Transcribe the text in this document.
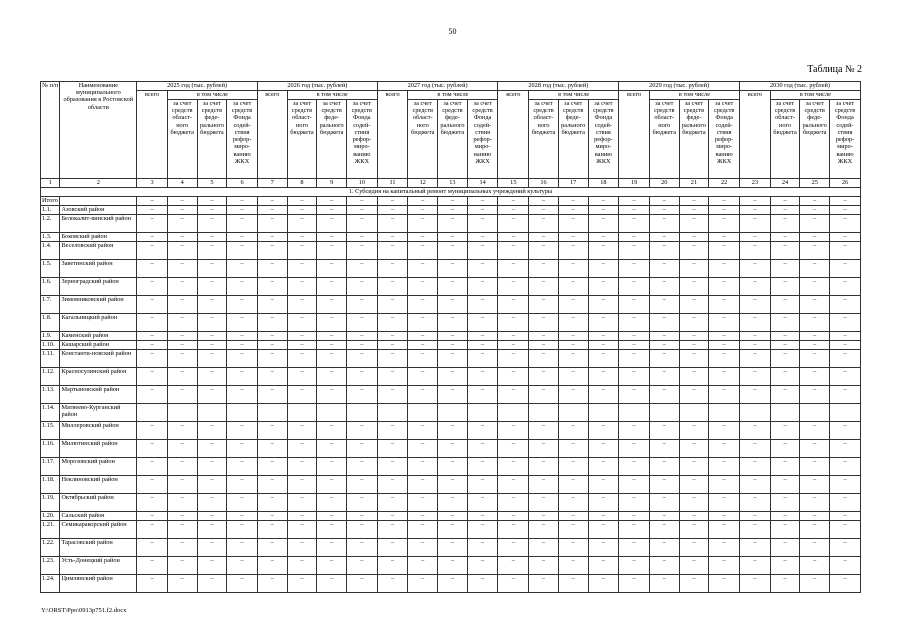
50
Таблица № 2
№ п/п	Наименование муниципального образования в Ростовской области	2025 год (тыс. рублей)				2026 год (тыс. рублей)				2027 год (тыс. рублей)				2028 год (тыс. рублей)				2029 год (тыс. рублей)				2030 год (тыс. рублей)			
		всего	в том числе			всего	в том числе			всего	в том числе			всего	в том числе			всего	в том числе			всего	в том числе		
			за счет средств област-ного бюджета	за счет средств феде-рального бюджета	за счет средств Фонда содей-ствия рефор-миро-ванию ЖКХ		за счет средств област-ного бюджета	за счет средств феде-рального бюджета	за счет средств Фонда содей-ствия рефор-миро-ванию ЖКХ		за счет средств област-ного бюджета	за счет средств феде-рального бюджета	за счет средств Фонда содей-ствия рефор-миро-ванию ЖКХ		за счет средств област-ного бюджета	за счет средств феде-рального бюджета	за счет средств Фонда содей-ствия рефор-миро-ванию ЖКХ		за счет средств област-ного бюджета	за счет средств феде-рального бюджета	за счет средств Фонда содей-ствия рефор-миро-ванию ЖКХ		за счет средств област-ного бюджета	за счет средств феде-рального бюджета	за счет средств Фонда содей-ствия рефор-миро-ванию ЖКХ
1	2	3	4	5	6	7	8	9	10	11	12	13	14	15	16	17	18	19	20	21	22	23	24	25	26
1. Субсидия на капитальный ремонт муниципальных учреждений культуры																									
Итого		–	–	–	–	–	–	–	–	–	–	–	–	–	–	–	–	–	–	–	–	–	–	–	–
1.1.	Азовский район	–	–	–	–	–	–	–	–	–	–	–	–	–	–	–	–	–	–	–	–	–	–	–	–
1.2.	Белокалит-винский район	–	–	–	–	–	–	–	–	–	–	–	–	–	–	–	–	–	–	–	–	–	–	–	–
1.3.	Боковский район	–	–	–	–	–	–	–	–	–	–	–	–	–	–	–	–	–	–	–	–	–	–	–	–
1.4.	Веселовский район	–	–	–	–	–	–	–	–	–	–	–	–	–	–	–	–	–	–	–	–	–	–	–	–
1.5.	Заветинский район	–	–	–	–	–	–	–	–	–	–	–	–	–	–	–	–	–	–	–	–	–	–	–	–
1.6.	Зерноградский район	–	–	–	–	–	–	–	–	–	–	–	–	–	–	–	–	–	–	–	–	–	–	–	–
1.7.	Зимовниковский район	–	–	–	–	–	–	–	–	–	–	–	–	–	–	–	–	–	–	–	–	–	–	–	–
1.8.	Кагальницкий район	–	–	–	–	–	–	–	–	–	–	–	–	–	–	–	–	–	–	–	–	–	–	–	–
1.9.	Каменский район	–	–	–	–	–	–	–	–	–	–	–	–	–	–	–	–	–	–	–	–	–	–	–	–
1.10.	Кашарский район	–	–	–	–	–	–	–	–	–	–	–	–	–	–	–	–	–	–	–	–	–	–	–	–
1.11.	Константи-новский район	–	–	–	–	–	–	–	–	–	–	–	–	–	–	–	–	–	–	–	–	–	–	–	–
1.12.	Красносулинский район	–	–	–	–	–	–	–	–	–	–	–	–	–	–	–	–	–	–	–	–	–	–	–	–
1.13.	Мартыновский район	–	–	–	–	–	–	–	–	–	–	–	–	–	–	–	–	–	–	–	–	–	–	–	–
1.14.	Матвеево-Курганский район																								
1.15.	Миллеровский район	–	–	–	–	–	–	–	–	–	–	–	–	–	–	–	–	–	–	–	–	–	–	–	–
1.16.	Милютинский район	–	–	–	–	–	–	–	–	–	–	–	–	–	–	–	–	–	–	–	–	–	–	–	–
1.17.	Морозовский район	–	–	–	–	–	–	–	–	–	–	–	–	–	–	–	–	–	–	–	–	–	–	–	–
1.18.	Неклиновский район	–	–	–	–	–	–	–	–	–	–	–	–	–	–	–	–	–	–	–	–	–	–	–	–
1.19.	Октябрьский район	–	–	–	–	–	–	–	–	–	–	–	–	–	–	–	–	–	–	–	–	–	–	–	–
1.20.	Сальский район	–	–	–	–	–	–	–	–	–	–	–	–	–	–	–	–	–	–	–	–	–	–	–	–
1.21.	Семикаракорский район	–	–	–	–	–	–	–	–	–	–	–	–	–	–	–	–	–	–	–	–	–	–	–	–
1.22.	Тарасовский район	–	–	–	–	–	–	–	–	–	–	–	–	–	–	–	–	–	–	–	–	–	–	–	–
1.23.	Усть-Донецкий район	–	–	–	–	–	–	–	–	–	–	–	–	–	–	–	–	–	–	–	–	–	–	–	–
1.24.	Цимлянский район	–	–	–	–	–	–	–	–	–	–	–	–	–	–	–	–	–	–	–	–	–	–	–	–
Y:\ORST\Ppo\0913p751.f2.docx
